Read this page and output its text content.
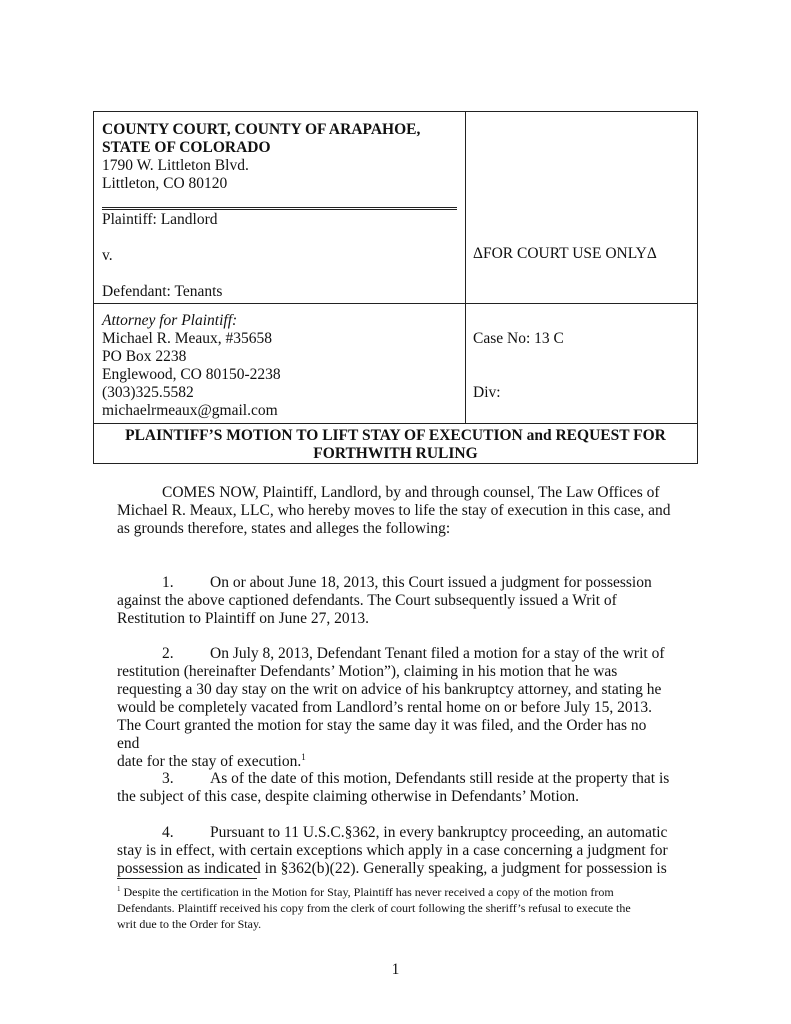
COUNTY COURT, COUNTY OF ARAPAHOE,
STATE OF COLORADO
1790 W. Littleton Blvd.
Littleton, CO 80120
Plaintiff: Landlord
v.
Defendant: Tenants
ΔFOR COURT USE ONLYΔ
Attorney for Plaintiff:
Michael R. Meaux, #35658
PO Box 2238
Englewood, CO 80150-2238
(303)325.5582
michaelrmeaux@gmail.com
Case No: 13 C
Div:
PLAINTIFF’S MOTION TO LIFT STAY OF EXECUTION and REQUEST FOR
FORTHWITH RULING

COMES NOW, Plaintiff, Landlord, by and through counsel, The Law Offices of

Michael R. Meaux, LLC, who hereby moves to life the stay of execution in this case, and

as grounds therefore, states and alleges the following:

1. On or about June 18, 2013, this Court issued a judgment for possession

against the above captioned defendants. The Court subsequently issued a Writ of

Restitution to Plaintiff on June 27, 2013.

2. On July 8, 2013, Defendant Tenant filed a motion for a stay of the writ of

restitution (hereinafter Defendants’ Motion”), claiming in his motion that he was

requesting a 30 day stay on the writ on advice of his bankruptcy attorney, and stating he

would be completely vacated from Landlord’s rental home on or before July 15, 2013.

The Court granted the motion for stay the same day it was filed, and the Order has no end

date for the stay of execution.$^1$

3. As of the date of this motion, Defendants still reside at the property that is

the subject of this case, despite claiming otherwise in Defendants’ Motion.

4. Pursuant to 11 U.S.C.§362, in every bankruptcy proceeding, an automatic

stay is in effect, with certain exceptions which apply in a case concerning a judgment for

possession as indicated in §362(b)(22). Generally speaking, a judgment for possession is

$^1$ Despite the certification in the Motion for Stay, Plaintiff has never received a copy of the motion from
Defendants. Plaintiff received his copy from the clerk of court following the sheriff’s refusal to execute the
writ due to the Order for Stay.
1
